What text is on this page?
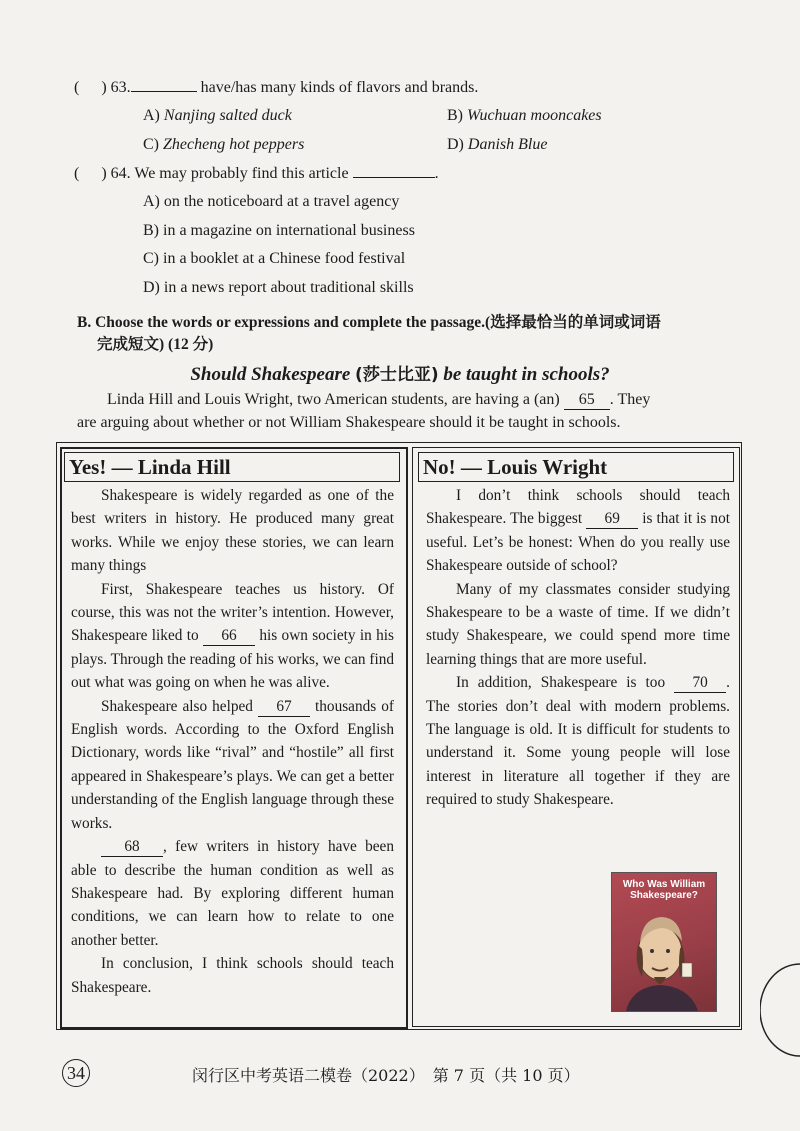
( ) 63.	have/has many kinds of flavors and brands.
A) Nanjing salted duck	B) Wuchuan mooncakes
C) Zhecheng hot peppers	D) Danish Blue
( ) 64. We may probably find this article	.
A) on the noticeboard at a travel agency
B) in a magazine on international business
C) in a booklet at a Chinese food festival
D) in a news report about traditional skills
B. Choose the words or expressions and complete the passage.(选择最恰当的单词或词语
完成短文) (12 分)
Should Shakespeare (莎士比亚) be taught in schools?
Linda Hill and Louis Wright, two American students, are having a (an) 65 . They
are arguing about whether or not William Shakespeare should it be taught in schools.
Yes! — Linda Hill

Shakespeare is widely regarded as one of the best writers in history. He produced many great works. While we enjoy these stories, we can learn many things

First, Shakespeare teaches us history. Of course, this was not the writer’s intention. However, Shakespeare liked to 66 his own society in his plays. Through the reading of his works, we can find out what was going on when he was alive.

Shakespeare also helped 67 thousands of English words. According to the Oxford English Dictionary, words like “rival” and “hostile” all first appeared in Shakespeare’s plays. We can get a better understanding of the English language through these works.

68 , few writers in history have been able to describe the human condition as well as Shakespeare had. By exploring different human conditions, we can learn how to relate to one another better.

In conclusion, I think schools should teach Shakespeare.

No! — Louis Wright

I don’t think schools should teach Shakespeare. The biggest 69 is that it is not useful. Let’s be honest: When do you really use Shakespeare outside of school?

Many of my classmates consider studying Shakespeare to be a waste of time. If we didn’t study Shakespeare, we could spend more time learning things that are more useful.

In addition, Shakespeare is too 70 . The stories don’t deal with modern problems. The language is old. It is difficult for students to understand it. Some young people will lose interest in literature all together if they are required to study Shakespeare.

Who Was William Shakespeare?
34	闵行区中考英语二模卷（2022）　第 7 页（共 10 页）
